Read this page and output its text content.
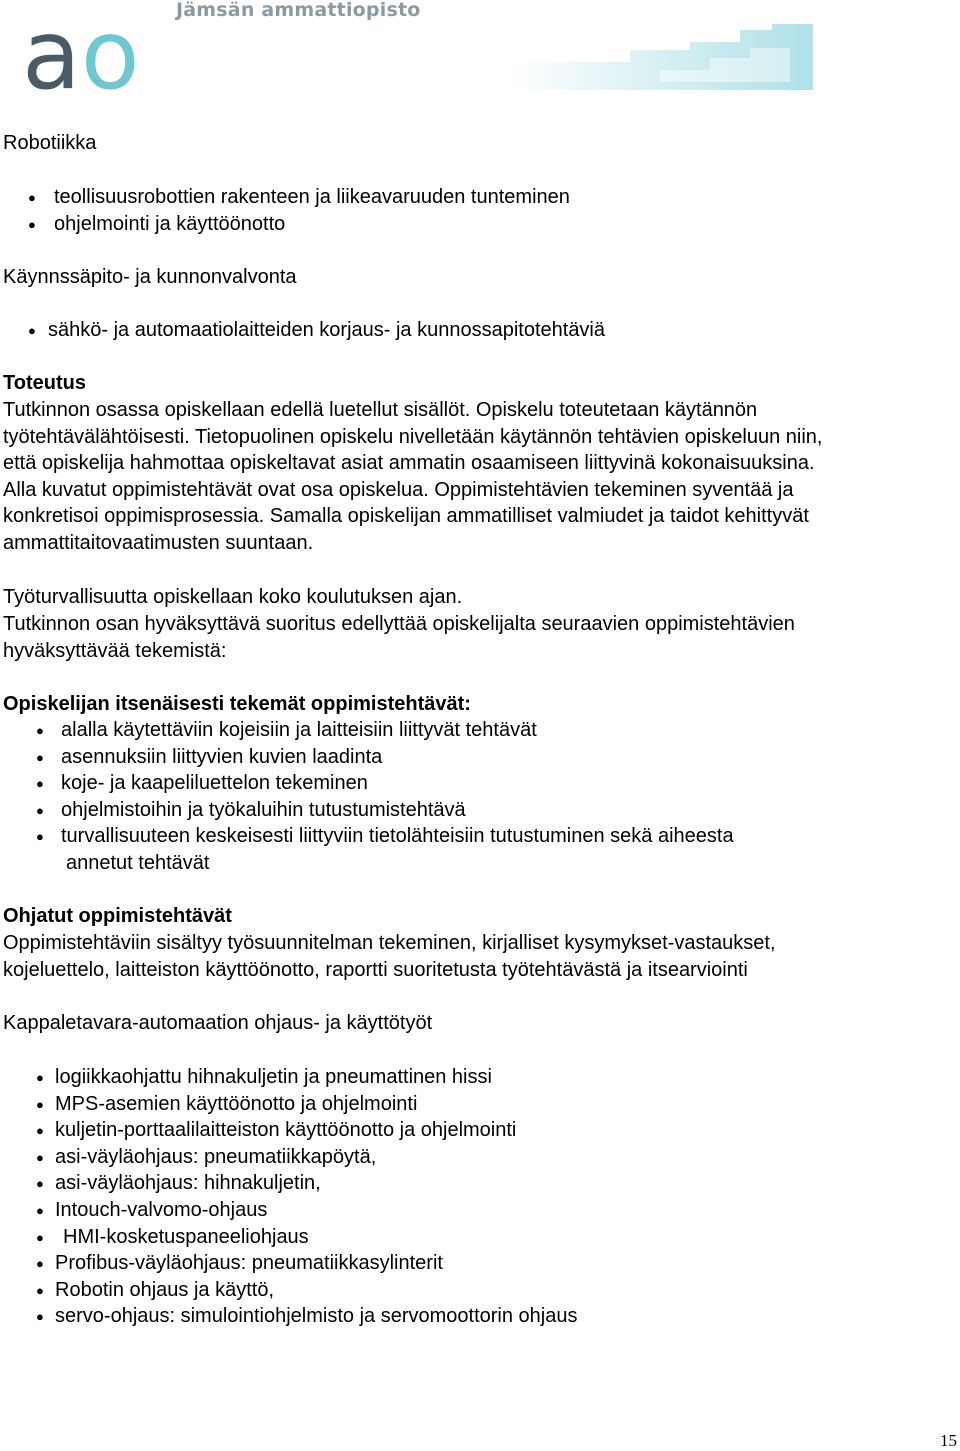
ao Jämsän ammattiopisto
Robotiikka
● teollisuusrobottien rakenteen ja liikeavaruuden tunteminen
● ohjelmointi ja käyttöönotto
Käynnssäpito- ja kunnonvalvonta
● sähkö- ja automaatiolaitteiden korjaus- ja kunnossapitotehtäviä
Toteutus
Tutkinnon osassa opiskellaan edellä luetellut sisällöt. Opiskelu toteutetaan käytännön
työtehtävälähtöisesti. Tietopuolinen opiskelu nivelletään käytännön tehtävien opiskeluun niin,
että opiskelija hahmottaa opiskeltavat asiat ammatin osaamiseen liittyvinä kokonaisuuksina.
Alla kuvatut oppimistehtävät ovat osa opiskelua. Oppimistehtävien tekeminen syventää ja
konkretisoi oppimisprosessia. Samalla opiskelijan ammatilliset valmiudet ja taidot kehittyvät
ammattitaitovaatimusten suuntaan.
Työturvallisuutta opiskellaan koko koulutuksen ajan.
Tutkinnon osan hyväksyttävä suoritus edellyttää opiskelijalta seuraavien oppimistehtävien
hyväksyttävää tekemistä:
Opiskelijan itsenäisesti tekemät oppimistehtävät:
● alalla käytettäviin kojeisiin ja laitteisiin liittyvät tehtävät
● asennuksiin liittyvien kuvien laadinta
● koje- ja kaapeliluettelon tekeminen
● ohjelmistoihin ja työkaluihin tutustumistehtävä
● turvallisuuteen keskeisesti liittyviin tietolähteisiin tutustuminen sekä aiheesta
annetut tehtävät
Ohjatut oppimistehtävät
Oppimistehtäviin sisältyy työsuunnitelman tekeminen, kirjalliset kysymykset-vastaukset,
kojeluettelo, laitteiston käyttöönotto, raportti suoritetusta työtehtävästä ja itsearviointi
Kappaletavara-automaation ohjaus- ja käyttötyöt
● logiikkaohjattu hihnakuljetin ja pneumattinen hissi
● MPS-asemien käyttöönotto ja ohjelmointi
● kuljetin-porttaalilaitteiston käyttöönotto ja ohjelmointi
● asi-väyläohjaus: pneumatiikkapöytä,
● asi-väyläohjaus: hihnakuljetin,
● Intouch-valvomo-ohjaus
● HMI-kosketuspaneeliohjaus
● Profibus-väyläohjaus: pneumatiikkasylinterit
● Robotin ohjaus ja käyttö,
● servo-ohjaus: simulointiohjelmisto ja servomoottorin ohjaus
15
